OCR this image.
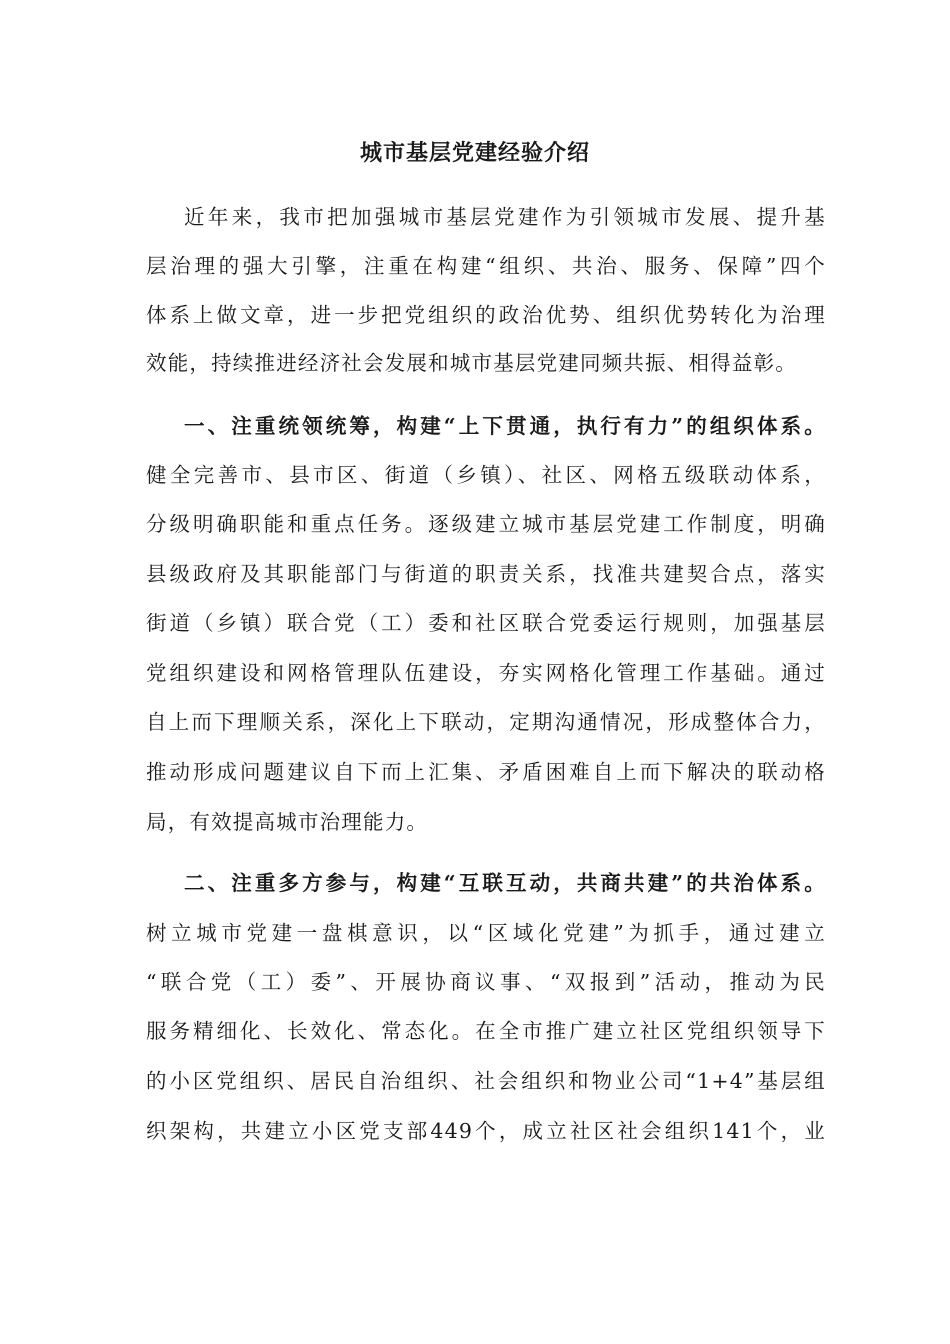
城市基层党建经验介绍
近年来，我市把加强城市基层党建作为引领城市发展、提升基
层治理的强大引擎，注重在构建“组织、共治、服务、保障”四个
体系上做文章，进一步把党组织的政治优势、组织优势转化为治理
效能，持续推进经济社会发展和城市基层党建同频共振、相得益彰。
一、注重统领统筹，构建“上下贯通，执行有力”的组织体系。
健全完善市、县市区、街道（乡镇）、社区、网格五级联动体系，
分级明确职能和重点任务。逐级建立城市基层党建工作制度，明确
县级政府及其职能部门与街道的职责关系，找准共建契合点，落实
街道（乡镇）联合党（工）委和社区联合党委运行规则，加强基层
党组织建设和网格管理队伍建设，夯实网格化管理工作基础。通过
自上而下理顺关系，深化上下联动，定期沟通情况，形成整体合力，
推动形成问题建议自下而上汇集、矛盾困难自上而下解决的联动格
局，有效提高城市治理能力。
二、注重多方参与，构建“互联互动，共商共建”的共治体系。
树立城市党建一盘棋意识，以“区域化党建”为抓手，通过建立
“联合党（工）委”、开展协商议事、“双报到”活动，推动为民
服务精细化、长效化、常态化。在全市推广建立社区党组织领导下
的小区党组织、居民自治组织、社会组织和物业公司“1+4”基层组
织架构，共建立小区党支部449个，成立社区社会组织141个，业
